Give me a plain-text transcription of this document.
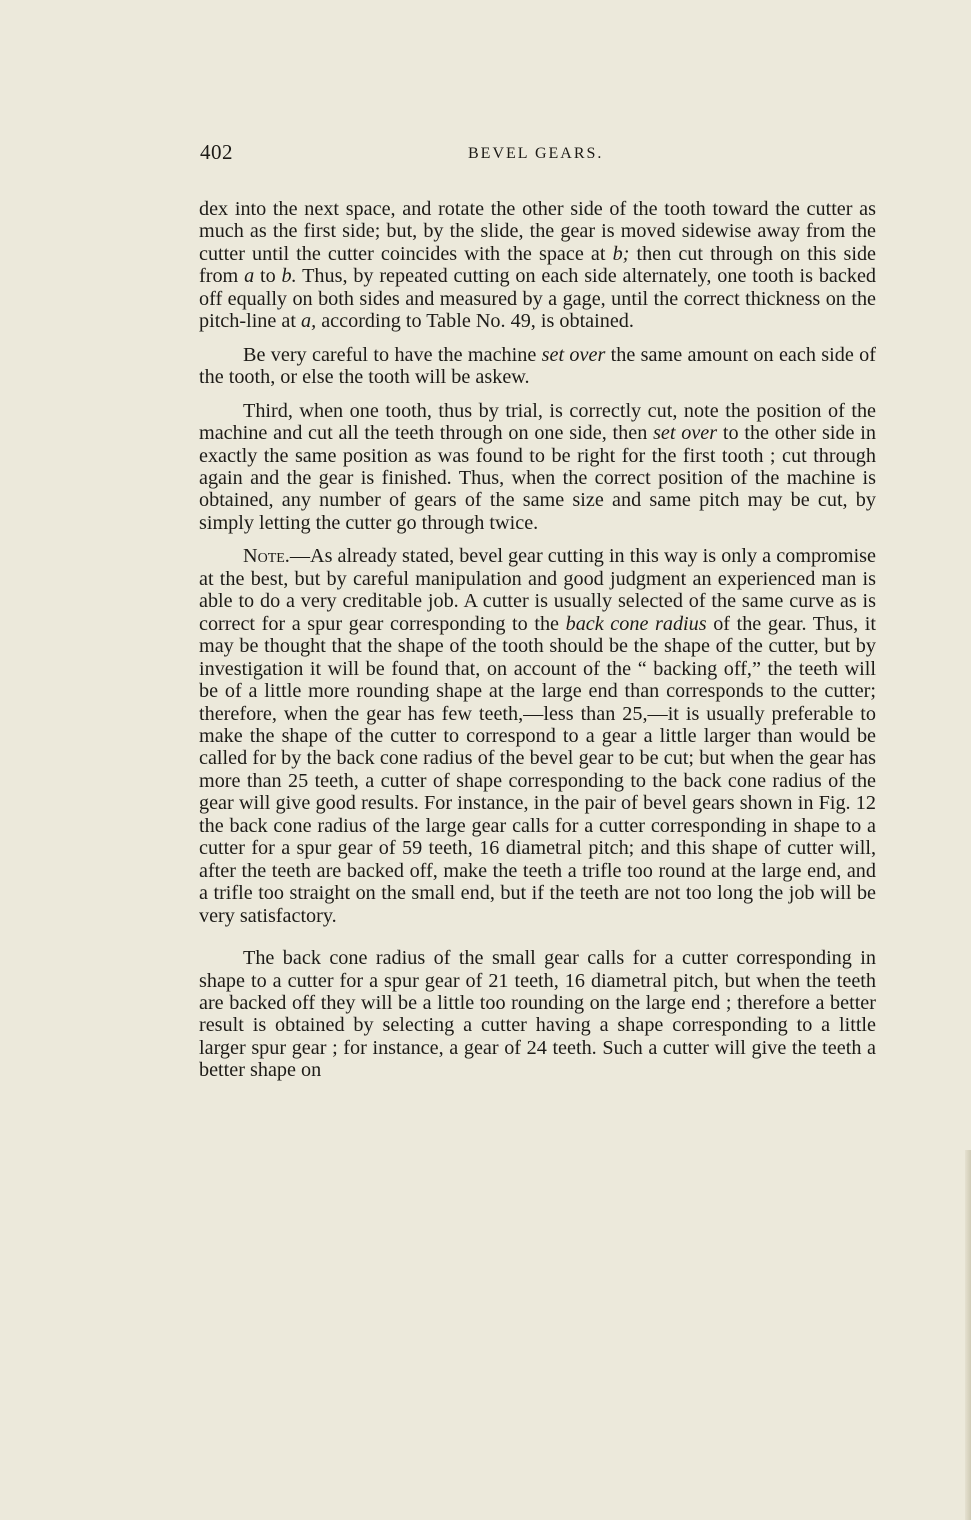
402	BEVEL GEARS.

dex into the next space, and rotate the other side of the tooth toward the cutter as much as the first side; but, by the slide, the gear is moved sidewise away from the cutter until the cutter coincides with the space at b; then cut through on this side from a to b. Thus, by repeated cutting on each side alternately, one tooth is backed off equally on both sides and measured by a gage, until the correct thickness on the pitch-line at a, according to Table No. 49, is obtained.

Be very careful to have the machine set over the same amount on each side of the tooth, or else the tooth will be askew.

Third, when one tooth, thus by trial, is correctly cut, note the position of the machine and cut all the teeth through on one side, then set over to the other side in exactly the same position as was found to be right for the first tooth ; cut through again and the gear is finished. Thus, when the correct position of the machine is obtained, any number of gears of the same size and same pitch may be cut, by simply letting the cutter go through twice.

Note.—As already stated, bevel gear cutting in this way is only a compromise at the best, but by careful manipulation and good judgment an experienced man is able to do a very creditable job. A cutter is usually selected of the same curve as is correct for a spur gear corresponding to the back cone radius of the gear. Thus, it may be thought that the shape of the tooth should be the shape of the cutter, but by investigation it will be found that, on account of the “ backing off,” the teeth will be of a little more rounding shape at the large end than corresponds to the cutter; therefore, when the gear has few teeth,—less than 25,—it is usually preferable to make the shape of the cutter to correspond to a gear a little larger than would be called for by the back cone radius of the bevel gear to be cut; but when the gear has more than 25 teeth, a cutter of shape corresponding to the back cone radius of the gear will give good results. For instance, in the pair of bevel gears shown in Fig. 12 the back cone radius of the large gear calls for a cutter corresponding in shape to a cutter for a spur gear of 59 teeth, 16 diametral pitch; and this shape of cutter will, after the teeth are backed off, make the teeth a trifle too round at the large end, and a trifle too straight on the small end, but if the teeth are not too long the job will be very satisfactory.

The back cone radius of the small gear calls for a cutter corresponding in shape to a cutter for a spur gear of 21 teeth, 16 diametral pitch, but when the teeth are backed off they will be a little too rounding on the large end ; therefore a better result is obtained by selecting a cutter having a shape corresponding to a little larger spur gear ; for instance, a gear of 24 teeth. Such a cutter will give the teeth a better shape on
